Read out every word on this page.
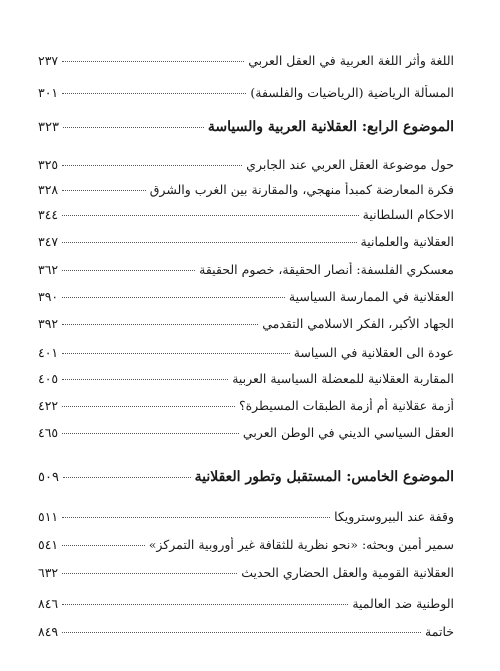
اللغة وأثر اللغة العربية في العقل العربي
٢٣٧
المسألة الرياضية (الرياضيات والفلسفة)
٣٠١
الموضوع الرابع: العقلانية العربية والسياسة
٣٢٣
حول موضوعة العقل العربي عند الجابري
٣٢٥
فكرة المعارضة كمبدأ منهجي، والمقارنة بين الغرب والشرق
٣٢٨
الاحكام السلطانية
٣٤٤
العقلانية والعلمانية
٣٤٧
معسكري الفلسفة: أنصار الحقيقة، خصوم الحقيقة
٣٦٢
العقلانية في الممارسة السياسية
٣٩٠
الجهاد الأكبر، الفكر الاسلامي التقدمي
٣٩٢
عودة الى العقلانية في السياسة
٤٠١
المقاربة العقلانية للمعضلة السياسية العربية
٤٠٥
أزمة عقلانية أم أزمة الطبقات المسيطرة؟
٤٢٢
العقل السياسي الديني في الوطن العربي
٤٦٥
الموضوع الخامس: المستقبل وتطور العقلانية
٥٠٩
وقفة عند البيروسترويكا
٥١١
سمير أمين وبحثه: «نحو نظرية للثقافة غير أوروبية التمركز»
٥٤١
العقلانية القومية والعقل الحضاري الحديث
٦٣٢
الوطنية ضد العالمية
٨٤٦
خاتمة
٨٤٩
